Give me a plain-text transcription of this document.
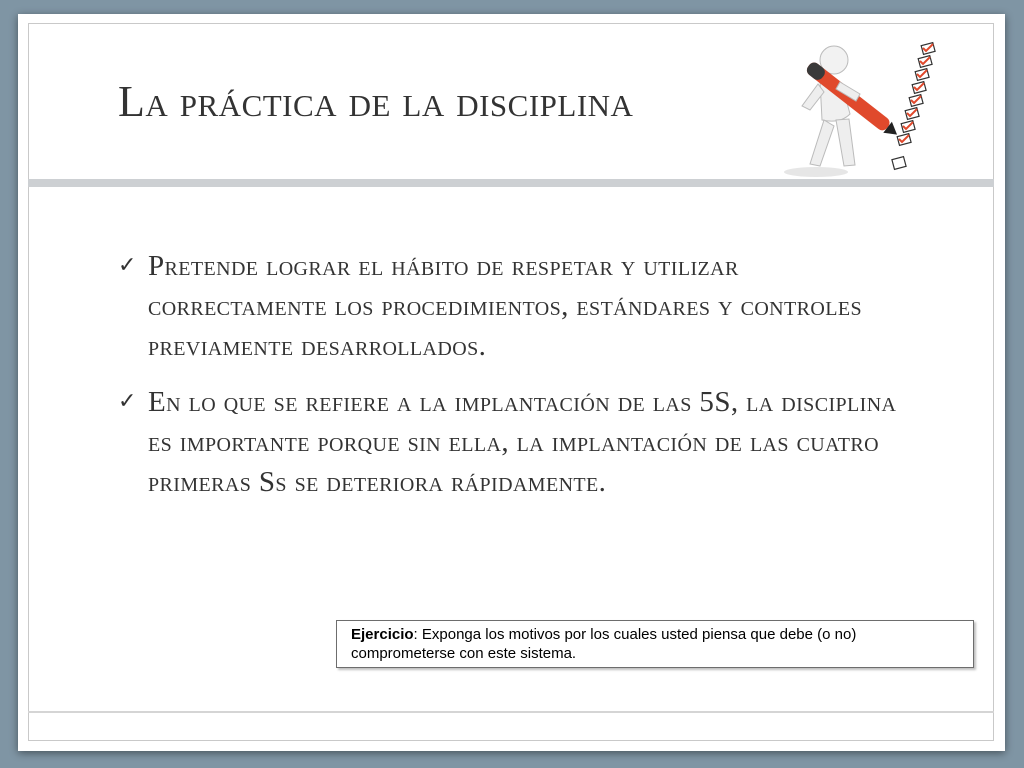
La práctica de la disciplina
✓ Pretende lograr el hábito de respetar y utilizar correctamente los procedimientos, estándares y controles previamente desarrollados.
✓ En lo que se refiere a la implantación de las 5S, la disciplina es importante porque sin ella, la implantación de las cuatro primeras Ss se deteriora rápidamente.
Ejercicio: Exponga los motivos por los cuales usted piensa que debe (o no) comprometerse con este sistema.
